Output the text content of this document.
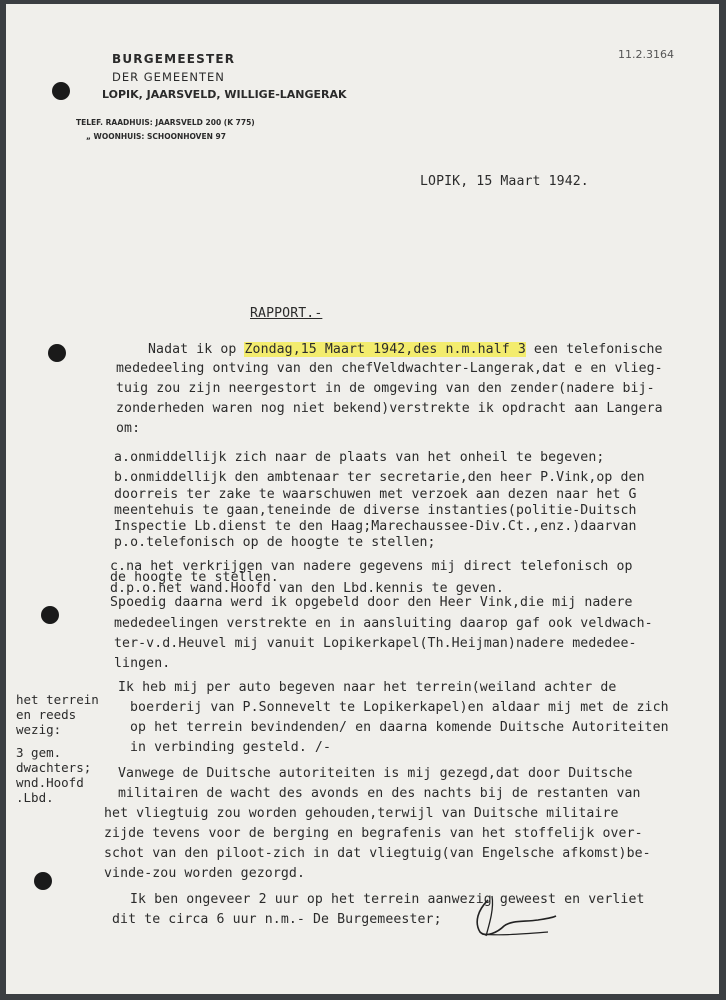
BURGEMEESTER
DER GEMEENTEN
LOPIK, JAARSVELD, WILLIGE-LANGERAK
TELEF. RAADHUIS: JAARSVELD 200 (K 775)
„ WOONHUIS: SCHOONHOVEN 97
11.2.3164
LOPIK, 15 Maart 1942.
RAPPORT.-
Nadat ik op Zondag,15 Maart 1942,des n.m.half 3 een telefonische
mededeeling ontving van den chefVeldwachter-Langerak,dat e en vlieg-
tuig zou zijn neergestort in de omgeving van den zender(nadere bij-
zonderheden waren nog niet bekend)verstrekte ik opdracht aan Langera
om:
a.onmiddellijk zich naar de plaats van het onheil te begeven;
b.onmiddellijk den ambtenaar ter secretarie,den heer P.Vink,op den
doorreis ter zake te waarschuwen met verzoek aan dezen naar het G
meentehuis te gaan,teneinde de diverse instanties(politie-Duitsch
Inspectie Lb.dienst te den Haag;Marechaussee-Div.Ct.,enz.)daarvan
p.o.telefonisch op de hoogte te stellen;
c.na het verkrijgen van nadere gegevens mij direct telefonisch op
de hoogte te stellen.
d.p.o.het wand.Hoofd van den Lbd.kennis te geven.
Spoedig daarna werd ik opgebeld door den Heer Vink,die mij nadere
mededeelingen verstrekte en in aansluiting daarop gaf ook veldwach-
ter-v.d.Heuvel mij vanuit Lopikerkapel(Th.Heijman)nadere mededee-
lingen.
Ik heb mij per auto begeven naar het terrein(weiland achter de
boerderij van P.Sonnevelt te Lopikerkapel)en aldaar mij met de zich
op het terrein bevindenden/ en daarna komende Duitsche Autoriteiten
in verbinding gesteld. /-
Vanwege de Duitsche autoriteiten is mij gezegd,dat door Duitsche
militairen de wacht des avonds en des nachts bij de restanten van
het vliegtuig zou worden gehouden,terwijl van Duitsche militaire
zijde tevens voor de berging en begrafenis van het stoffelijk over-
schot van den piloot-zich in dat vliegtuig(van Engelsche afkomst)be-
vinde-zou worden gezorgd.
Ik ben ongeveer 2 uur op het terrein aanwezig geweest en verliet
dit te circa 6 uur n.m.- De Burgemeester;
het terrein
en reeds
wezig:
3 gem.
dwachters;
wnd.Hoofd
.Lbd.
